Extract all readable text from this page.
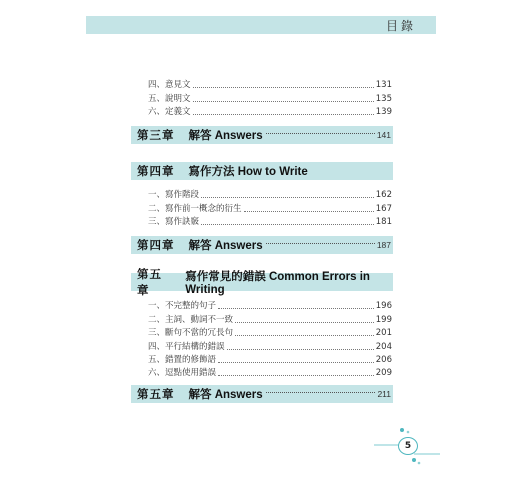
目錄
四、意見文	131
五、說明文	135
六、定義文	139
第三章	解答 Answers	141
第四章	寫作方法 How to Write
一、寫作階段	162
二、寫作前一概念的衍生	167
三、寫作訣竅	181
第四章	解答 Answers	187
第五章
寫作常見的錯誤 Common Errors in Writing
一、不完整的句子	196
二、主詞、動詞不一致	199
三、斷句不當的冗長句	201
四、平行結構的錯誤	204
五、錯置的修飾語	206
六、逗點使用錯誤	209
第五章	解答 Answers	211
5
